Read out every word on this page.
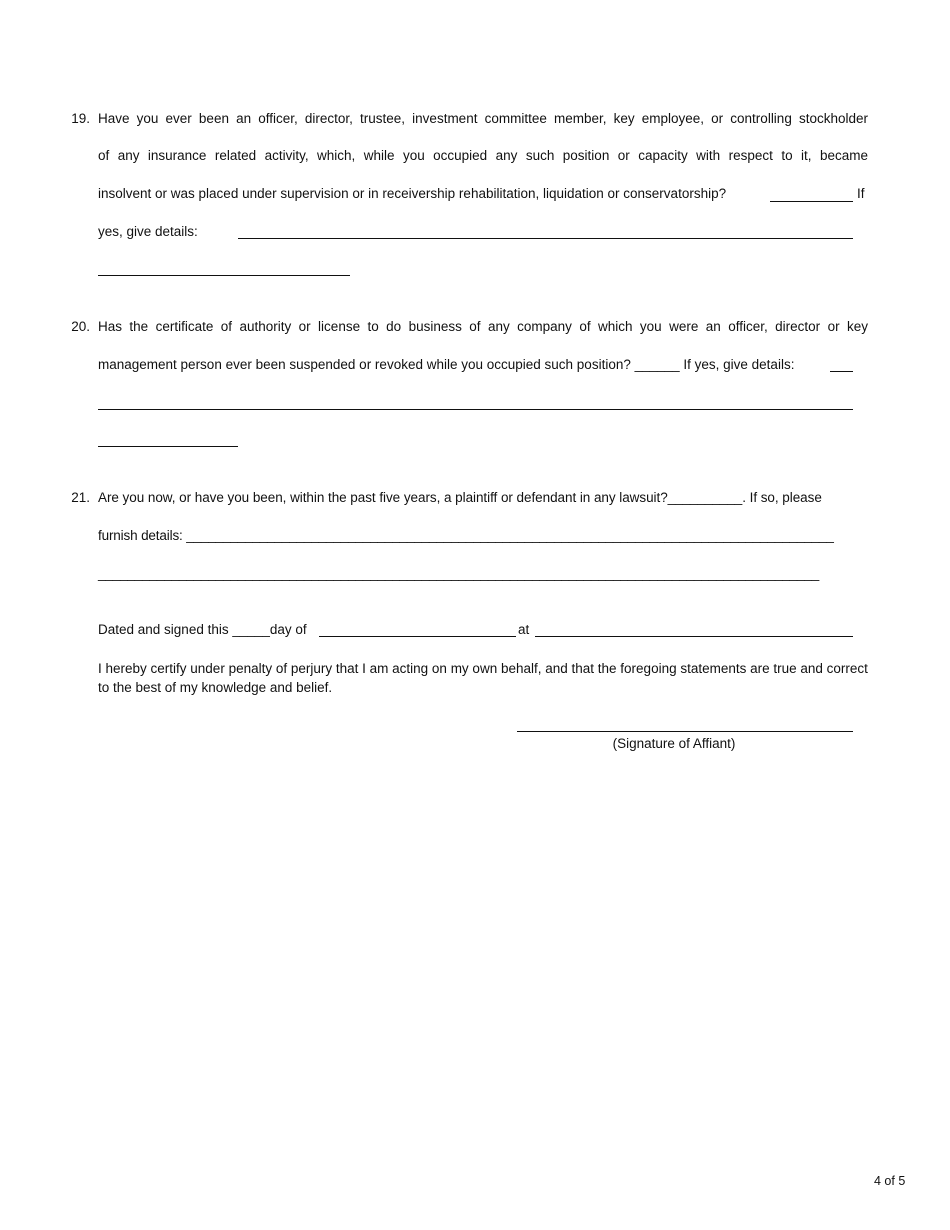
19. Have you ever been an officer, director, trustee, investment committee member, key employee, or controlling stockholder
of any insurance related activity, which, while you occupied any such position or capacity with respect to it, became
insolvent or was placed under supervision or in receivership rehabilitation, liquidation or conservatorship?	If
yes, give details:
20. Has the certificate of authority or license to do business of any company of which you were an officer, director or key
management person ever been suspended or revoked while you occupied such position? ______ If yes, give details:
21. Are you now, or have you been, within the past five years, a plaintiff or defendant in any lawsuit?__________. If so, please
furnish details: ________________________________________________________________________________________
__________________________________________________________________________________________________
Dated and signed this _____day of	at
I hereby certify under penalty of perjury that I am acting on my own behalf, and that the foregoing statements are true and correct to the best of my knowledge and belief.
(Signature of Affiant)
4 of 5
